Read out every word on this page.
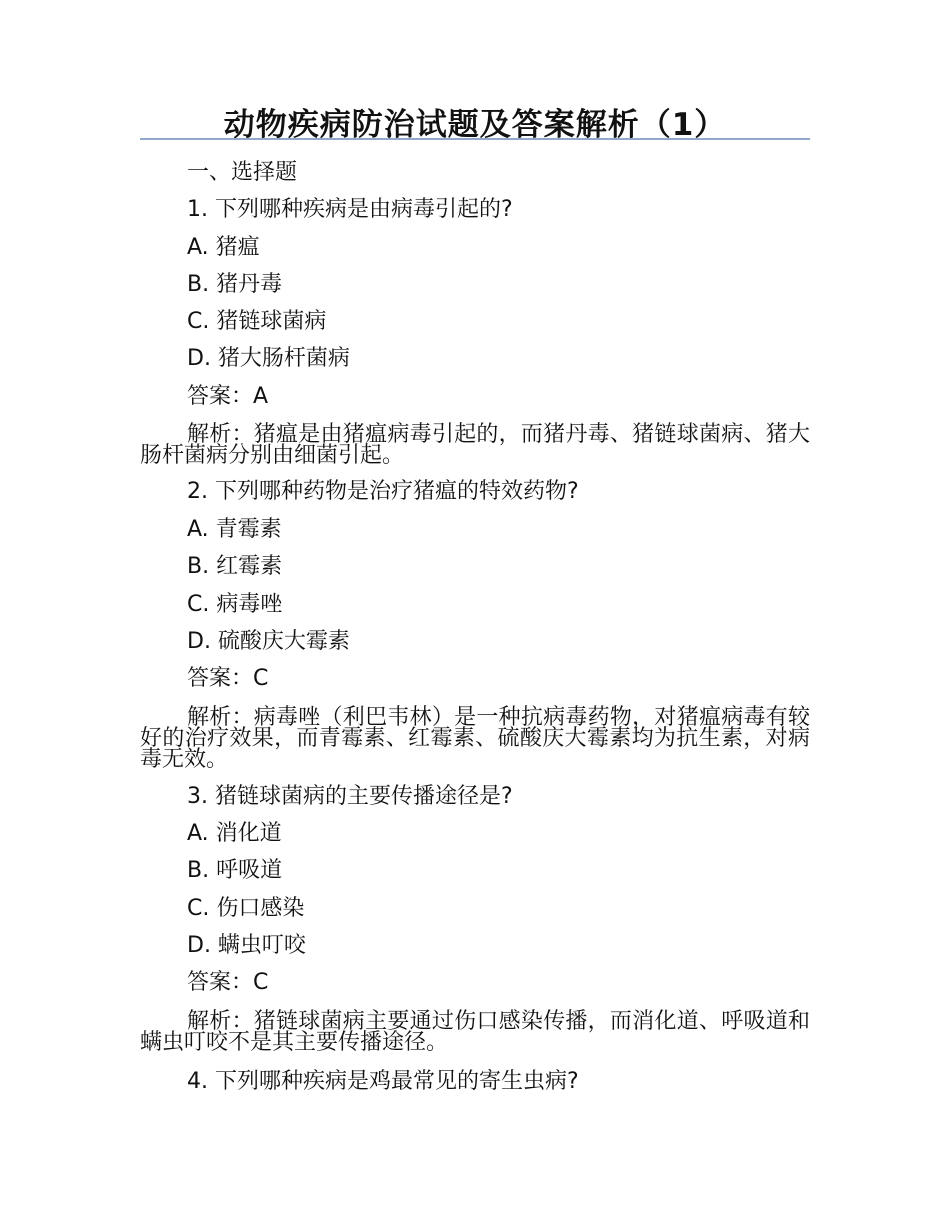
动物疾病防治试题及答案解析（1）

一、选择题

1. 下列哪种疾病是由病毒引起的?

A. 猪瘟

B. 猪丹毒

C. 猪链球菌病

D. 猪大肠杆菌病

答案：A

解析：猪瘟是由猪瘟病毒引起的，而猪丹毒、猪链球菌病、猪大肠杆菌病分别由细菌引起。

2. 下列哪种药物是治疗猪瘟的特效药物?

A. 青霉素

B. 红霉素

C. 病毒唑

D. 硫酸庆大霉素

答案：C

解析：病毒唑（利巴韦林）是一种抗病毒药物，对猪瘟病毒有较好的治疗效果，而青霉素、红霉素、硫酸庆大霉素均为抗生素，对病毒无效。

3. 猪链球菌病的主要传播途径是?

A. 消化道

B. 呼吸道

C. 伤口感染

D. 螨虫叮咬

答案：C

解析：猪链球菌病主要通过伤口感染传播，而消化道、呼吸道和螨虫叮咬不是其主要传播途径。

4. 下列哪种疾病是鸡最常见的寄生虫病?
